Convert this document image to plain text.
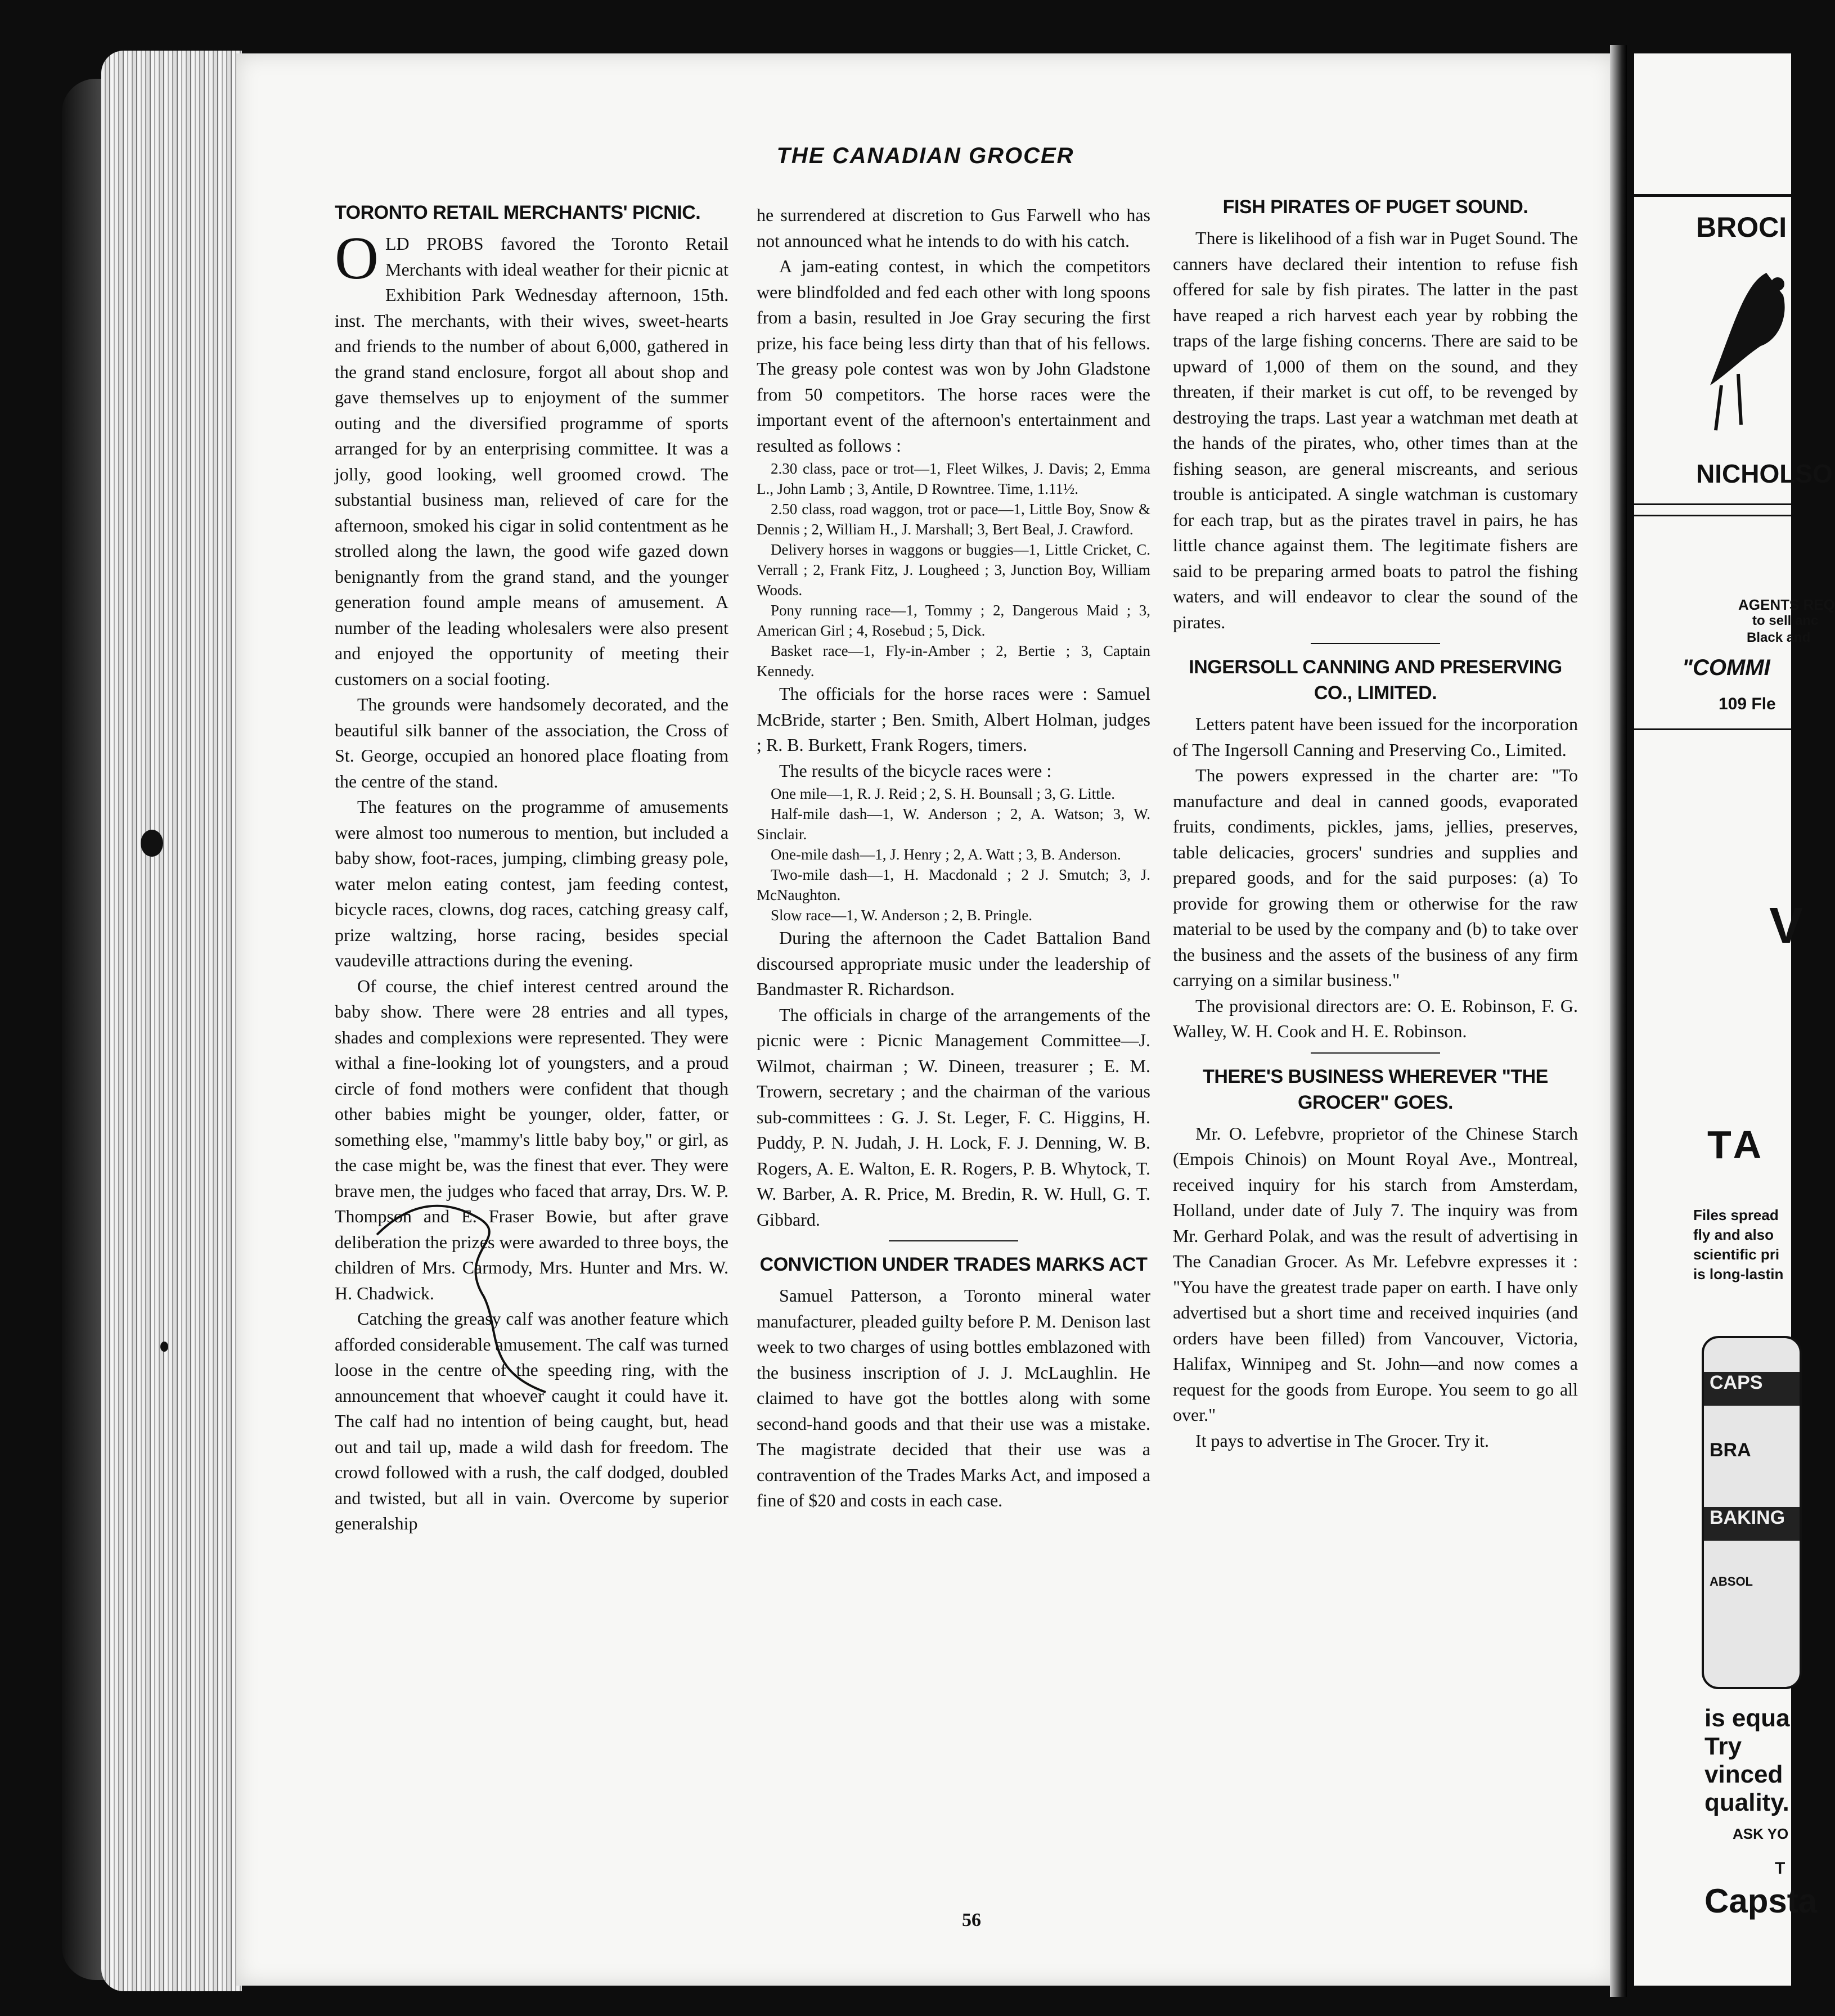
THE CANADIAN GROCER
TORONTO RETAIL MERCHANTS' PICNIC.

OLD PROBS favored the Toronto Retail Merchants with ideal weather for their picnic at Exhibition Park Wednesday afternoon, 15th. inst. The merchants, with their wives, sweet-hearts and friends to the number of about 6,000, gathered in the grand stand enclosure, forgot all about shop and gave themselves up to enjoyment of the summer outing and the diversified programme of sports arranged for by an enterprising committee. It was a jolly, good looking, well groomed crowd. The substantial business man, relieved of care for the afternoon, smoked his cigar in solid contentment as he strolled along the lawn, the good wife gazed down benignantly from the grand stand, and the younger generation found ample means of amusement. A number of the leading wholesalers were also present and enjoyed the opportunity of meeting their customers on a social footing.

The grounds were handsomely decorated, and the beautiful silk banner of the association, the Cross of St. George, occupied an honored place floating from the centre of the stand.

The features on the programme of amusements were almost too numerous to mention, but included a baby show, foot-races, jumping, climbing greasy pole, water melon eating contest, jam feeding contest, bicycle races, clowns, dog races, catching greasy calf, prize waltzing, horse racing, besides special vaudeville attractions during the evening.

Of course, the chief interest centred around the baby show. There were 28 entries and all types, shades and complexions were represented. They were withal a fine-looking lot of youngsters, and a proud circle of fond mothers were confident that though other babies might be younger, older, fatter, or something else, "mammy's little baby boy," or girl, as the case might be, was the finest that ever. They were brave men, the judges who faced that array, Drs. W. P. Thompson and E. Fraser Bowie, but after grave deliberation the prizes were awarded to three boys, the children of Mrs. Carmody, Mrs. Hunter and Mrs. W. H. Chadwick.

Catching the greasy calf was another feature which afforded considerable amusement. The calf was turned loose in the centre of the speeding ring, with the announcement that whoever caught it could have it. The calf had no intention of being caught, but, head out and tail up, made a wild dash for freedom. The crowd followed with a rush, the calf dodged, doubled and twisted, but all in vain. Overcome by superior generalship

he surrendered at discretion to Gus Farwell who has not announced what he intends to do with his catch.

A jam-eating contest, in which the competitors were blindfolded and fed each other with long spoons from a basin, resulted in Joe Gray securing the first prize, his face being less dirty than that of his fellows. The greasy pole contest was won by John Gladstone from 50 competitors. The horse races were the important event of the afternoon's entertainment and resulted as follows :

2.30 class, pace or trot—1, Fleet Wilkes, J. Davis; 2, Emma L., John Lamb ; 3, Antile, D Rowntree. Time, 1.11½.

2.50 class, road waggon, trot or pace—1, Little Boy, Snow & Dennis ; 2, William H., J. Marshall; 3, Bert Beal, J. Crawford.

Delivery horses in waggons or buggies—1, Little Cricket, C. Verrall ; 2, Frank Fitz, J. Lougheed ; 3, Junction Boy, William Woods.

Pony running race—1, Tommy ; 2, Dangerous Maid ; 3, American Girl ; 4, Rosebud ; 5, Dick.

Basket race—1, Fly-in-Amber ; 2, Bertie ; 3, Captain Kennedy.

The officials for the horse races were : Samuel McBride, starter ; Ben. Smith, Albert Holman, judges ; R. B. Burkett, Frank Rogers, timers.

The results of the bicycle races were :

One mile—1, R. J. Reid ; 2, S. H. Bounsall ; 3, G. Little.

Half-mile dash—1, W. Anderson ; 2, A. Watson; 3, W. Sinclair.

One-mile dash—1, J. Henry ; 2, A. Watt ; 3, B. Anderson.

Two-mile dash—1, H. Macdonald ; 2 J. Smutch; 3, J. McNaughton.

Slow race—1, W. Anderson ; 2, B. Pringle.

During the afternoon the Cadet Battalion Band discoursed appropriate music under the leadership of Bandmaster R. Richardson.

The officials in charge of the arrangements of the picnic were : Picnic Management Committee—J. Wilmot, chairman ; W. Dineen, treasurer ; E. M. Trowern, secretary ; and the chairman of the various sub-committees : G. J. St. Leger, F. C. Higgins, H. Puddy, P. N. Judah, J. H. Lock, F. J. Denning, W. B. Rogers, A. E. Walton, E. R. Rogers, P. B. Whytock, T. W. Barber, A. R. Price, M. Bredin, R. W. Hull, G. T. Gibbard.

CONVICTION UNDER TRADES MARKS ACT

Samuel Patterson, a Toronto mineral water manufacturer, pleaded guilty before P. M. Denison last week to two charges of using bottles emblazoned with the business inscription of J. J. McLaughlin. He claimed to have got the bottles along with some second-hand goods and that their use was a mistake. The magistrate decided that their use was a contravention of the Trades Marks Act, and imposed a fine of $20 and costs in each case.

FISH PIRATES OF PUGET SOUND.

There is likelihood of a fish war in Puget Sound. The canners have declared their intention to refuse fish offered for sale by fish pirates. The latter in the past have reaped a rich harvest each year by robbing the traps of the large fishing concerns. There are said to be upward of 1,000 of them on the sound, and they threaten, if their market is cut off, to be revenged by destroying the traps. Last year a watchman met death at the hands of the pirates, who, other times than at the fishing season, are general miscreants, and serious trouble is anticipated. A single watchman is customary for each trap, but as the pirates travel in pairs, he has little chance against them. The legitimate fishers are said to be preparing armed boats to patrol the fishing waters, and will endeavor to clear the sound of the pirates.

INGERSOLL CANNING AND PRESERVING CO., LIMITED.

Letters patent have been issued for the incorporation of The Ingersoll Canning and Preserving Co., Limited.

The powers expressed in the charter are: "To manufacture and deal in canned goods, evaporated fruits, condiments, pickles, jams, jellies, preserves, table delicacies, grocers' sundries and supplies and prepared goods, and for the said purposes: (a) To provide for growing them or otherwise for the raw material to be used by the company and (b) to take over the business and the assets of the business of any firm carrying on a similar business."

The provisional directors are: O. E. Robinson, F. G. Walley, W. H. Cook and H. E. Robinson.

THERE'S BUSINESS WHEREVER "THE GROCER" GOES.

Mr. O. Lefebvre, proprietor of the Chinese Starch (Empois Chinois) on Mount Royal Ave., Montreal, received inquiry for his starch from Amsterdam, Holland, under date of July 7. The inquiry was from Mr. Gerhard Polak, and was the result of advertising in The Canadian Grocer. As Mr. Lefebvre expresses it : "You have the greatest trade paper on earth. I have only advertised but a short time and received inquiries (and orders have been filled) from Vancouver, Victoria, Halifax, Winnipeg and St. John—and now comes a request for the goods from Europe. You seem to go all over."

It pays to advertise in The Grocer. Try it.

56
BROCI
NICHOLSO
AGENTS REQ
to sell anc
Black and
"COMMI
109 Fle
V
TA
Files spread
fly and also
scientific pri
is long-lastin
CAPS
BRA
BAKING
ABSOL
is equa
Try
vinced
quality.
ASK YO
T
Capsta
